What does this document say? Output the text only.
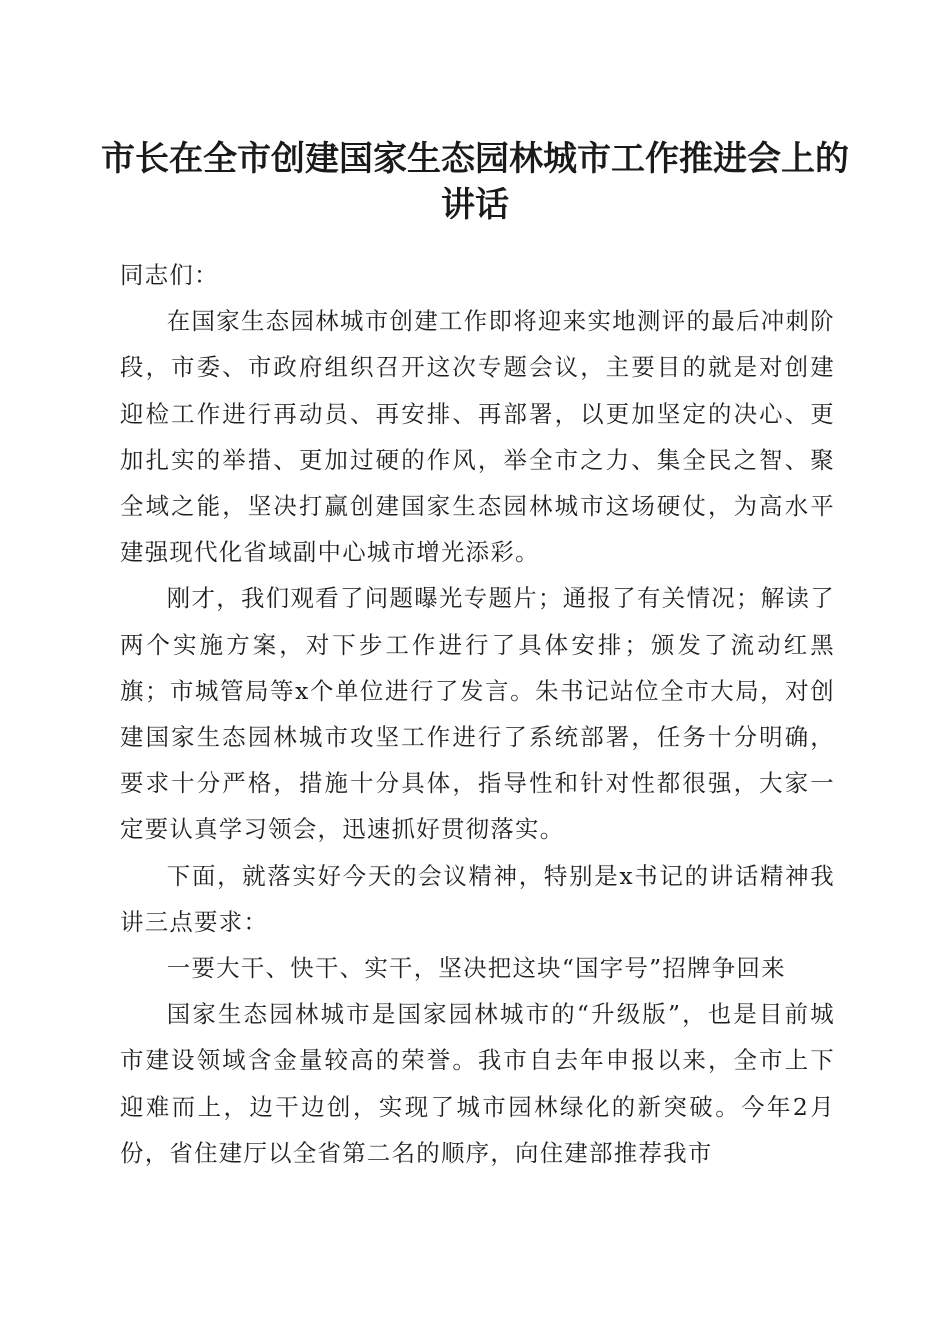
市长在全市创建国家生态园林城市工作推进会上的讲话

同志们：

在国家生态园林城市创建工作即将迎来实地测评的最后冲刺阶段，市委、市政府组织召开这次专题会议，主要目的就是对创建迎检工作进行再动员、再安排、再部署，以更加坚定的决心、更加扎实的举措、更加过硬的作风，举全市之力、集全民之智、聚全域之能，坚决打赢创建国家生态园林城市这场硬仗，为高水平建强现代化省域副中心城市增光添彩。

刚才，我们观看了问题曝光专题片；通报了有关情况；解读了两个实施方案，对下步工作进行了具体安排；颁发了流动红黑旗；市城管局等x个单位进行了发言。朱书记站位全市大局，对创建国家生态园林城市攻坚工作进行了系统部署，任务十分明确，要求十分严格，措施十分具体，指导性和针对性都很强，大家一定要认真学习领会，迅速抓好贯彻落实。

下面，就落实好今天的会议精神，特别是x书记的讲话精神我讲三点要求：

一要大干、快干、实干，坚决把这块“国字号”招牌争回来

国家生态园林城市是国家园林城市的“升级版”，也是目前城市建设领域含金量较高的荣誉。我市自去年申报以来，全市上下迎难而上，边干边创，实现了城市园林绿化的新突破。今年2月份，省住建厅以全省第二名的顺序，向住建部推荐我市
